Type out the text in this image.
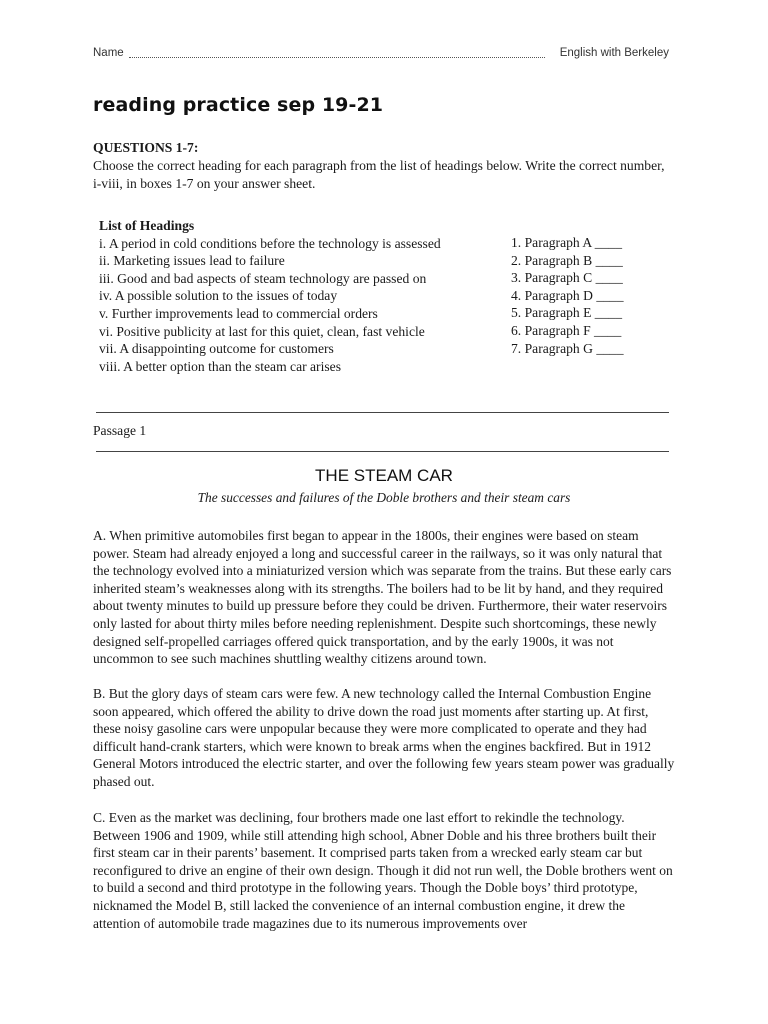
Name	English with Berkeley
reading practice sep 19-21
QUESTIONS 1-7:
Choose the correct heading for each paragraph from the list of headings below. Write the correct number, i-viii, in boxes 1-7 on your answer sheet.
List of Headings
i. A period in cold conditions before the technology is assessed
ii. Marketing issues lead to failure
iii. Good and bad aspects of steam technology are passed on
iv. A possible solution to the issues of today
v. Further improvements lead to commercial orders
vi. Positive publicity at last for this quiet, clean, fast vehicle
vii. A disappointing outcome for customers
viii. A better option than the steam car arises
1. Paragraph A ____
2. Paragraph B ____
3. Paragraph C ____
4. Paragraph D ____
5. Paragraph E ____
6. Paragraph F ____
7. Paragraph G ____
Passage 1
THE STEAM CAR
The successes and failures of the Doble brothers and their steam cars

A. When primitive automobiles first began to appear in the 1800s, their engines were based on steam power. Steam had already enjoyed a long and successful career in the railways, so it was only natural that the technology evolved into a miniaturized version which was separate from the trains. But these early cars inherited steam’s weaknesses along with its strengths. The boilers had to be lit by hand, and they required about twenty minutes to build up pressure before they could be driven. Furthermore, their water reservoirs only lasted for about thirty miles before needing replenishment. Despite such shortcomings, these newly designed self-propelled carriages offered quick transportation, and by the early 1900s, it was not uncommon to see such machines shuttling wealthy citizens around town.

B. But the glory days of steam cars were few. A new technology called the Internal Combustion Engine soon appeared, which offered the ability to drive down the road just moments after starting up. At first, these noisy gasoline cars were unpopular because they were more complicated to operate and they had difficult hand-crank starters, which were known to break arms when the engines backfired. But in 1912 General Motors introduced the electric starter, and over the following few years steam power was gradually phased out.

C. Even as the market was declining, four brothers made one last effort to rekindle the technology. Between 1906 and 1909, while still attending high school, Abner Doble and his three brothers built their first steam car in their parents’ basement. It comprised parts taken from a wrecked early steam car but reconfigured to drive an engine of their own design. Though it did not run well, the Doble brothers went on to build a second and third prototype in the following years. Though the Doble boys’ third prototype, nicknamed the Model B, still lacked the convenience of an internal combustion engine, it drew the attention of automobile trade magazines due to its numerous improvements over
